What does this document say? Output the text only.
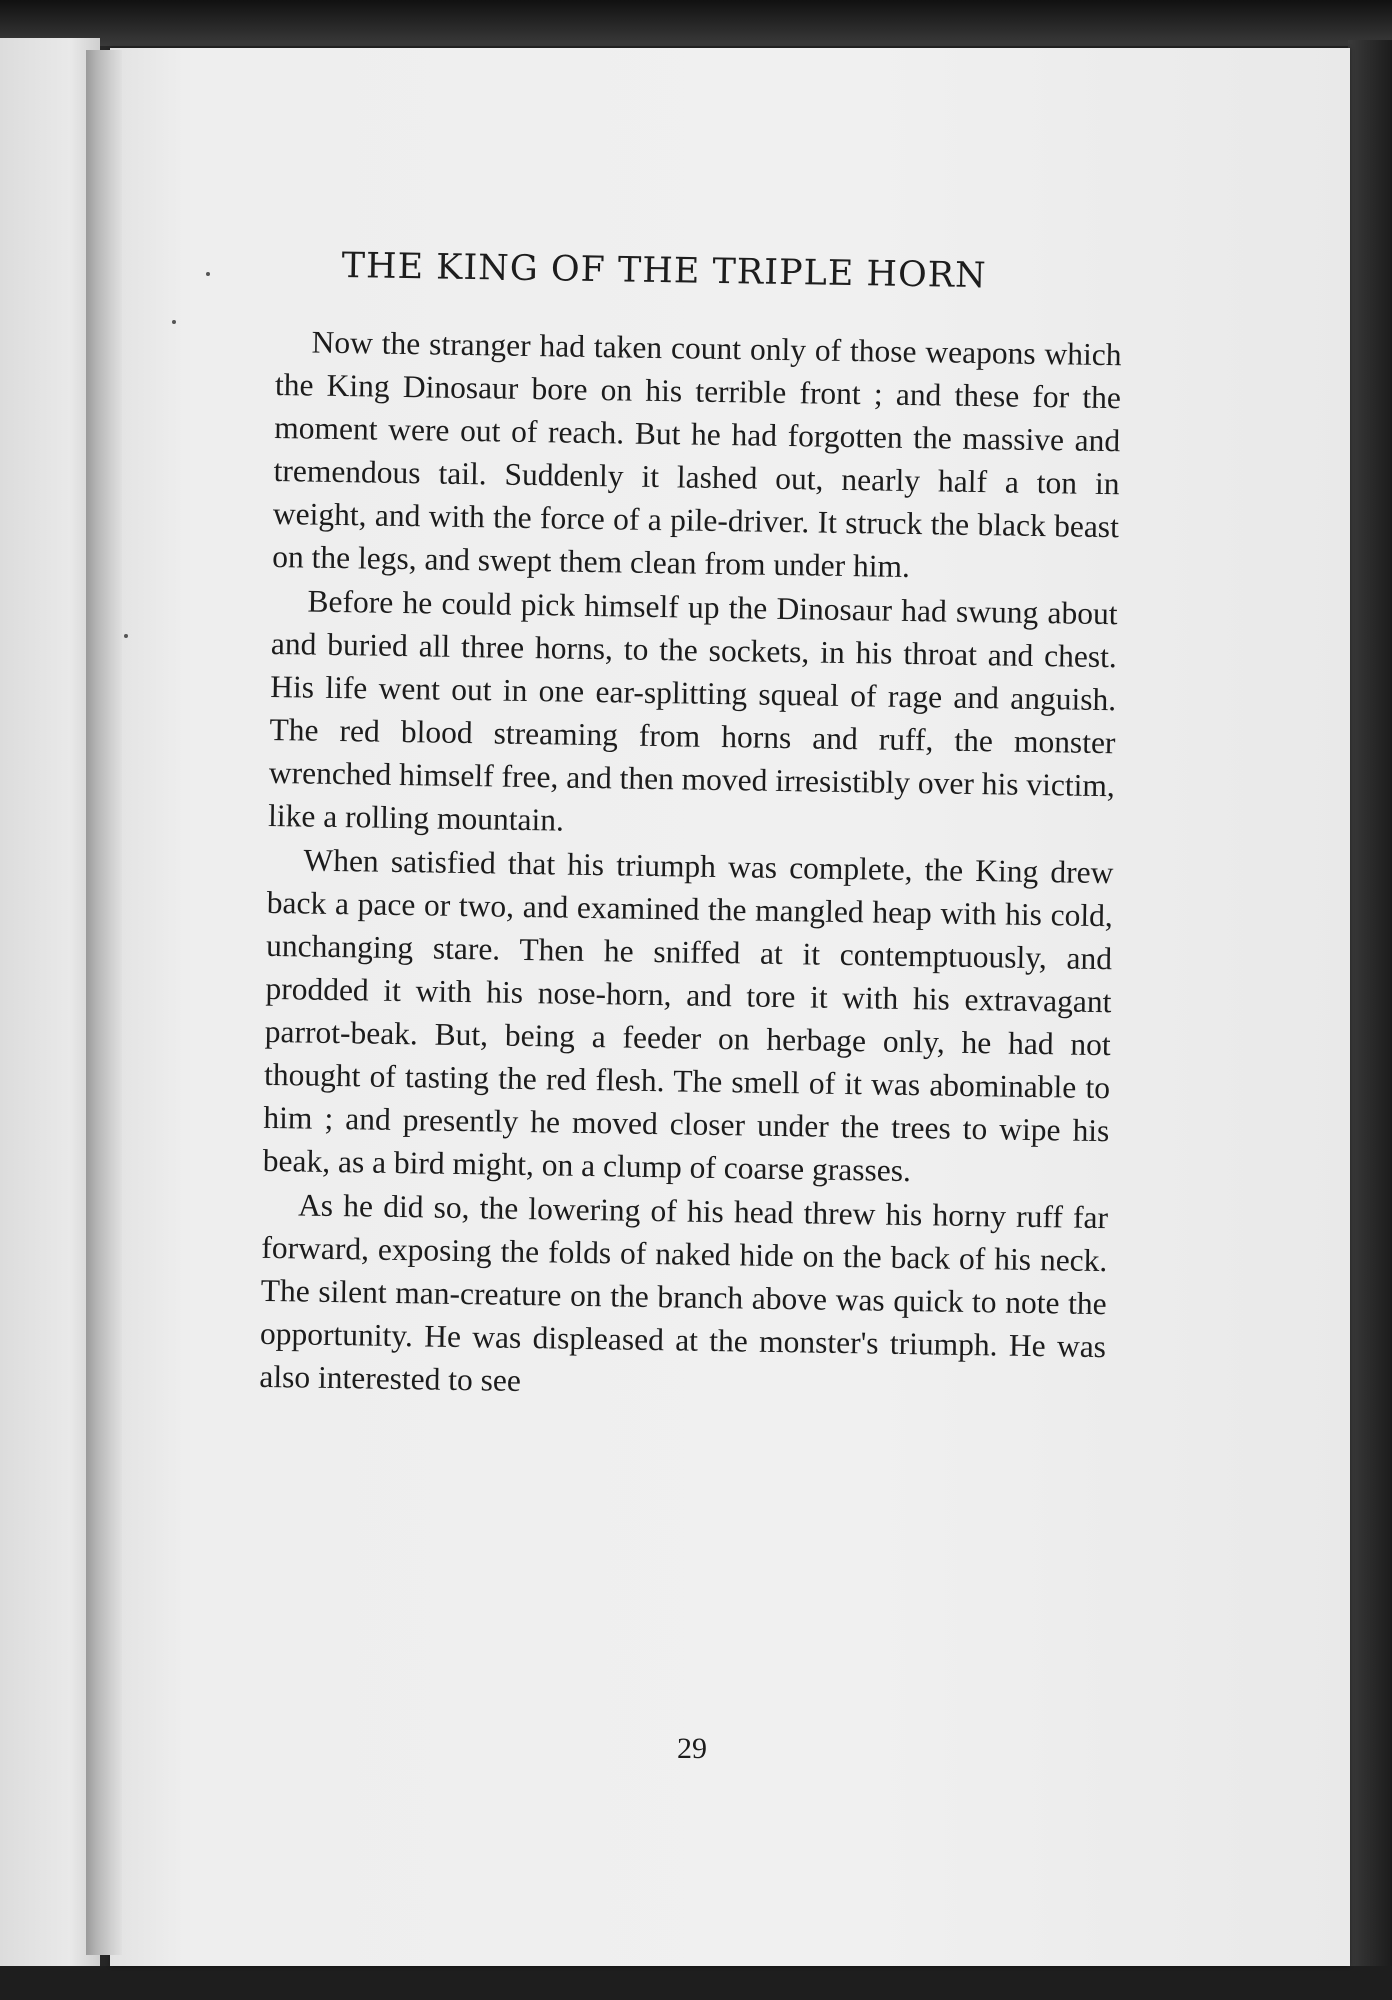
THE KING OF THE TRIPLE HORN

Now the stranger had taken count only of those weapons which the King Dinosaur bore on his terrible front ; and these for the moment were out of reach. But he had forgotten the massive and tremendous tail. Suddenly it lashed out, nearly half a ton in weight, and with the force of a pile-driver. It struck the black beast on the legs, and swept them clean from under him.

Before he could pick himself up the Dinosaur had swung about and buried all three horns, to the sockets, in his throat and chest. His life went out in one ear-splitting squeal of rage and anguish. The red blood streaming from horns and ruff, the monster wrenched himself free, and then moved irresistibly over his victim, like a rolling mountain.

When satisfied that his triumph was complete, the King drew back a pace or two, and examined the mangled heap with his cold, unchanging stare. Then he sniffed at it contemptuously, and prodded it with his nose-horn, and tore it with his extravagant parrot-beak. But, being a feeder on herbage only, he had not thought of tasting the red flesh. The smell of it was abominable to him ; and presently he moved closer under the trees to wipe his beak, as a bird might, on a clump of coarse grasses.

As he did so, the lowering of his head threw his horny ruff far forward, exposing the folds of naked hide on the back of his neck. The silent man-creature on the branch above was quick to note the opportunity. He was displeased at the monster's triumph. He was also interested to see

29
